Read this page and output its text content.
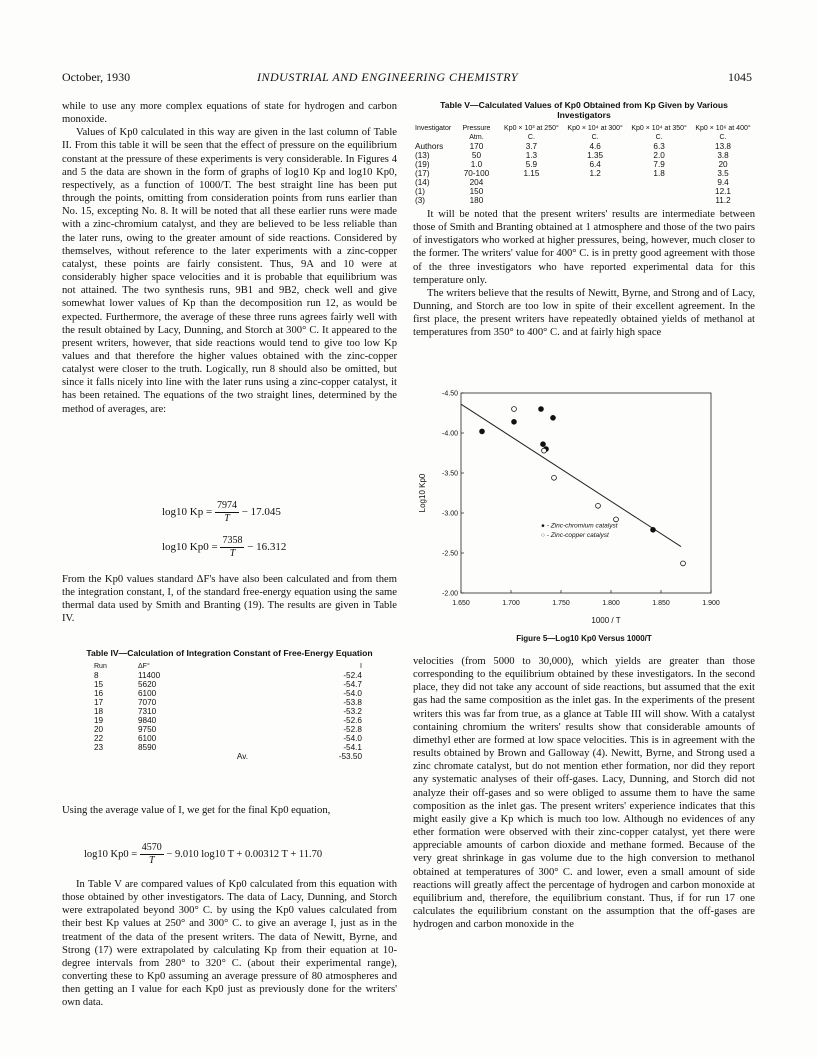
October, 1930	INDUSTRIAL AND ENGINEERING CHEMISTRY	1045

while to use any more complex equations of state for hydrogen and carbon monoxide.

Values of Kp0 calculated in this way are given in the last column of Table II. From this table it will be seen that the effect of pressure on the equilibrium constant at the pressure of these experiments is very considerable. In Figures 4 and 5 the data are shown in the form of graphs of log10 Kp and log10 Kp0, respectively, as a function of 1000/T. The best straight line has been put through the points, omitting from consideration points from runs earlier than No. 15, excepting No. 8. It will be noted that all these earlier runs were made with a zinc-chromium catalyst, and they are believed to be less reliable than the later runs, owing to the greater amount of side reactions. Considered by themselves, without reference to the later experiments with a zinc-copper catalyst, these points are fairly consistent. Thus, 9A and 10 were at considerably higher space velocities and it is probable that equilibrium was not attained. The two synthesis runs, 9B1 and 9B2, check well and give somewhat lower values of Kp than the decomposition run 12, as would be expected. Furthermore, the average of these three runs agrees fairly well with the result obtained by Lacy, Dunning, and Storch at 300° C. It appeared to the present writers, however, that side reactions would tend to give too low Kp values and that therefore the higher values obtained with the zinc-copper catalyst were closer to the truth. Logically, run 8 should also be omitted, but since it falls nicely into line with the later runs using a zinc-copper catalyst, it has been retained. The equations of the two straight lines, determined by the method of averages, are:

log10 $Kp = \frac{7974}{T} - 17.045$
log10 $Kp0 = \frac{7358}{T} - 16.312$

From the Kp0 values standard ΔF's have also been calculated and from them the integration constant, I, of the standard free-energy equation using the same thermal data used by Smith and Branting (19). The results are given in Table IV.

Table IV—Calculation of Integration Constant of Free-Energy Equation
Run	ΔF°	I
8	11400	-52.4
15	5620	-54.7
16	6100	-54.0
17	7070	-53.8
18	7310	-53.2
19	9840	-52.6
20	9750	-52.8
22	6100	-54.0
23	8590	-54.1
	Av.	-53.50

Using the average value of I, we get for the final Kp0 equation,

log10 $Kp0 = \frac{4570}{T} - 9.010$ log10 T + 0.00312 T + 11.70

In Table V are compared values of Kp0 calculated from this equation with those obtained by other investigators. The data of Lacy, Dunning, and Storch were extrapolated beyond 300° C. by using the Kp0 values calculated from their best Kp values at 250° and 300° C. to give an average I, just as in the treatment of the data of the present writers. The data of Newitt, Byrne, and Strong (17) were extrapolated by calculating Kp from their equation at 10-degree intervals from 280° to 320° C. (about their experimental range), converting these to Kp0 assuming an average pressure of 80 atmospheres and then getting an I value for each Kp0 just as previously done for the writers' own data.

Table V—Calculated Values of Kp0 Obtained from Kp Given by Various Investigators
Investigator	Pressure Atm.	Kp0 × 10³ at 250° C.	Kp0 × 10⁴ at 300° C.	Kp0 × 10⁴ at 350° C.	Kp0 × 10⁶ at 400° C.
Authors	170	3.7	4.6	6.3	13.8
(13)	50	1.3	1.35	2.0	3.8
(19)	1.0	5.9	6.4	7.9	20
(17)	70-100	1.15	1.2	1.8	3.5
(14)	204				9.4
(1)	150				12.1
(3)	180				11.2

It will be noted that the present writers' results are intermediate between those of Smith and Branting obtained at 1 atmosphere and those of the two pairs of investigators who worked at higher pressures, being, however, much closer to the former. The writers' value for 400° C. is in pretty good agreement with those of the three investigators who have reported experimental data for this temperature only.

The writers believe that the results of Newitt, Byrne, and Strong and of Lacy, Dunning, and Storch are too low in spite of their excellent agreement. In the first place, the present writers have repeatedly obtained yields of methanol at temperatures from 350° to 400° C. and at fairly high space

1.650	1.700	1.750	1.800	1.850	1.900
-4.50
-4.00
-3.50
-3.00
-2.50
-2.00
● - Zinc-chromium catalyst
○ - Zinc-copper catalyst
Log10 Kp0
1000 / T
Figure 5—Log10 Kp0 Versus 1000/T

velocities (from 5000 to 30,000), which yields are greater than those corresponding to the equilibrium obtained by these investigators. In the second place, they did not take any account of side reactions, but assumed that the exit gas had the same composition as the inlet gas. In the experiments of the present writers this was far from true, as a glance at Table III will show. With a catalyst containing chromium the writers' results show that considerable amounts of dimethyl ether are formed at low space velocities. This is in agreement with the results obtained by Brown and Galloway (4). Newitt, Byrne, and Strong used a zinc chromate catalyst, but do not mention ether formation, nor did they report any systematic analyses of their off-gases. Lacy, Dunning, and Storch did not analyze their off-gases and so were obliged to assume them to have the same composition as the inlet gas. The present writers' experience indicates that this might easily give a Kp which is much too low. Although no evidences of any ether formation were observed with their zinc-copper catalyst, yet there were appreciable amounts of carbon dioxide and methane formed. Because of the very great shrinkage in gas volume due to the high conversion to methanol obtained at temperatures of 300° C. and lower, even a small amount of side reactions will greatly affect the percentage of hydrogen and carbon monoxide at equilibrium and, therefore, the equilibrium constant. Thus, if for run 17 one calculates the equilibrium constant on the assumption that the off-gases are hydrogen and carbon monoxide in the
